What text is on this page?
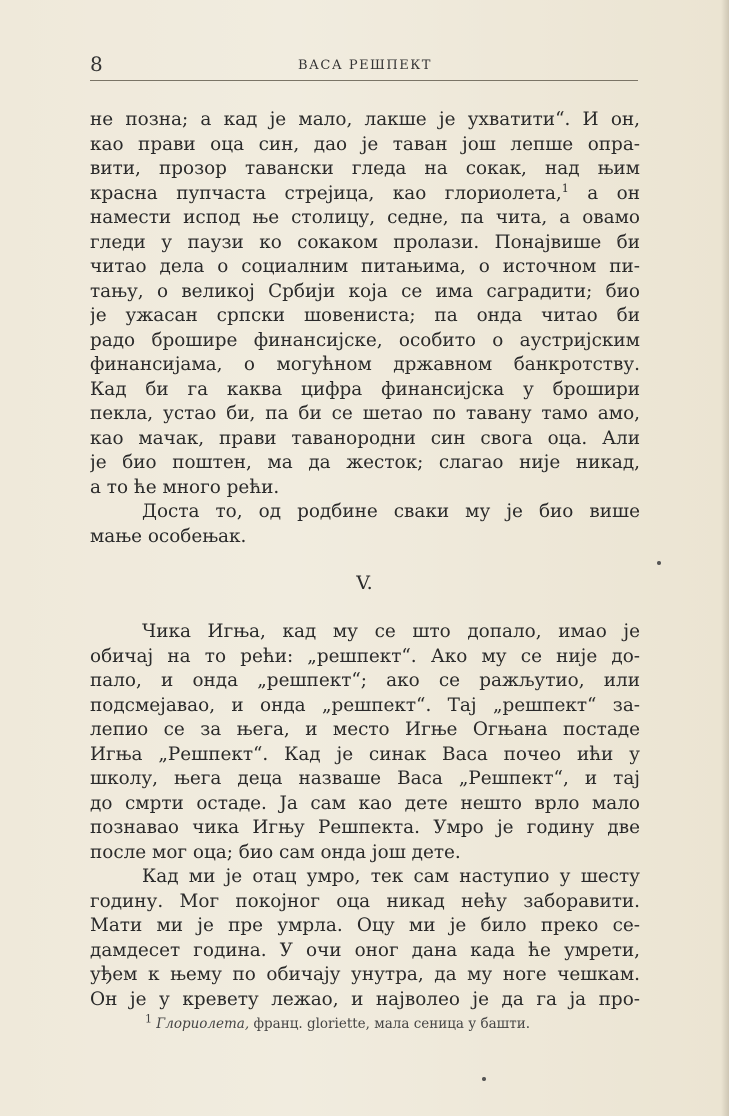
8	ВАСА РЕШПЕКТ
не позна; а кад је мало, лакше је ухватити“. И он,
као прави оца син, дао је таван још лепше опра-
вити, прозор тавански гледа на сокак, над њим
красна пупчаста стрејица, као глориолета,$^1$ а он
намести испод ње столицу, седне, па чита, а овамо
гледи у паузи ко сокаком пролази. Понајвише би
читао дела о социалним питањима, о источном пи-
тању, о великој Србији која се има саградити; био
је ужасан српски шовениста; па онда читао би
радо брошире финансијске, особито о аустријским
финансијама, о могућном државном банкротству.
Кад би га каква цифра финансијска у брошири
пекла, устао би, па би се шетао по тавану тамо амо,
као мачак, прави таванородни син свога оца. Али
је био поштен, ма да жесток; слагао није никад,
а то ће много рећи.
Доста то, од родбине сваки му је био више
мање особењак.
V.
Чика Игња, кад му се што допало, имао је
обичај на то рећи: „решпект“. Ако му се није до-
пало, и онда „решпект“; ако се ражљутио, или
подсмејавао, и онда „решпект“. Тај „решпект“ за-
лепио се за њега, и место Игње Огњана постаде
Игња „Решпект“. Кад је синак Васа почео ићи у
школу, њега деца назваше Васа „Решпект“, и тај
до смрти остаде. Ја сам као дете нешто врло мало
познавао чика Игњу Решпекта. Умро је годину две
после мог оца; био сам онда још дете.
Кад ми је отац умро, тек сам наступио у шесту
годину. Мог покојног оца никад нећу заборавити.
Мати ми је пре умрла. Оцу ми је било преко се-
дамдесет година. У очи оног дана када ће умрети,
уђем к њему по обичају унутра, да му ноге чешкам.
Он је у кревету лежао, и најволео је да га ја про-
$^1$ Глориолета, франц. gloriette, мала сеница у башти.
